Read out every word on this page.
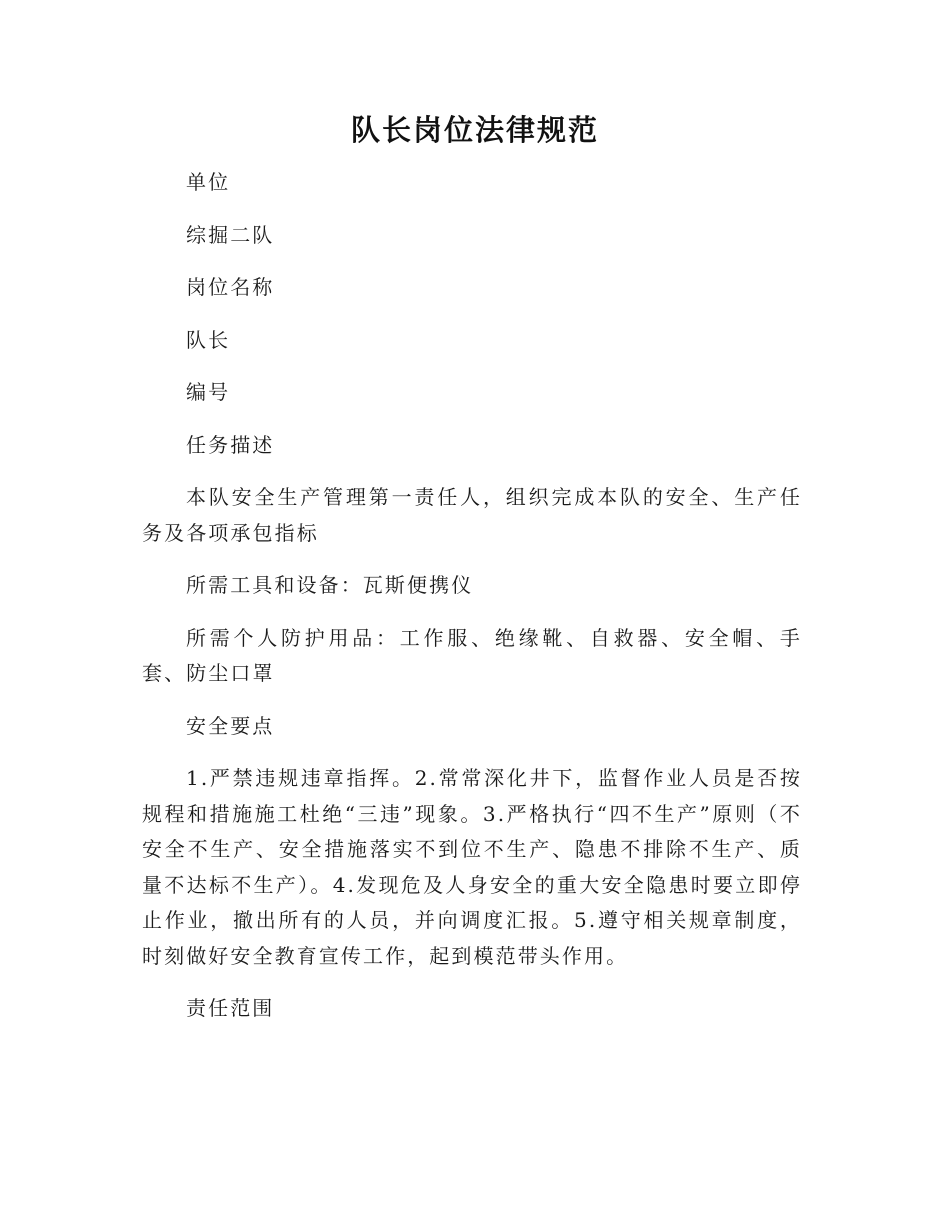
队长岗位法律规范

单位

综掘二队

岗位名称

队长

编号

任务描述

本队安全生产管理第一责任人，组织完成本队的安全、生产任务及各项承包指标

所需工具和设备：瓦斯便携仪

所需个人防护用品：工作服、绝缘靴、自救器、安全帽、手套、防尘口罩

安全要点

1.严禁违规违章指挥。2.常常深化井下，监督作业人员是否按规程和措施施工杜绝“三违”现象。3.严格执行“四不生产”原则（不安全不生产、安全措施落实不到位不生产、隐患不排除不生产、质量不达标不生产）。4.发现危及人身安全的重大安全隐患时要立即停止作业，撤出所有的人员，并向调度汇报。5.遵守相关规章制度，时刻做好安全教育宣传工作，起到模范带头作用。

责任范围
